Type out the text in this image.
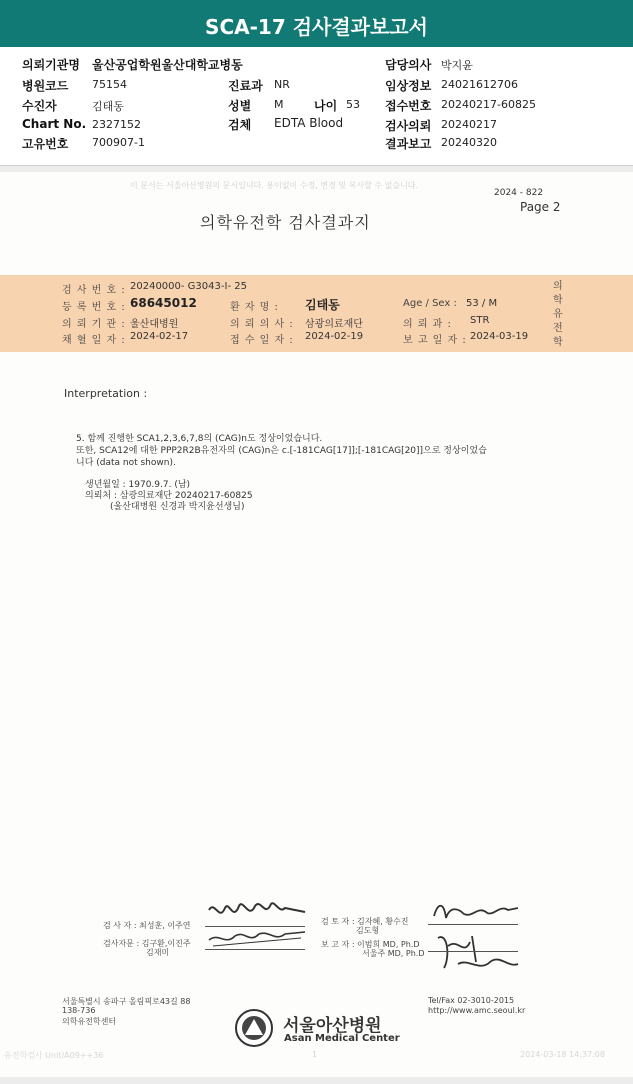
SCA-17 검사결과보고서
의뢰기관명 울산공업학원울산대학교병동	담당의사 박지윤
병원코드 75154	진료과 NR	임상정보 24021612706
수진자	김태동	성별 M	나이 53 접수번호 20240217-60825
Chart No. 2327152	검체 EDTA Blood	검사의뢰 20240217
고유번호 700907-1	결과보고 20240320
이 문서는 서울아산병원의 문서입니다. 용이없이 수정, 변경 및 복사할 수 없습니다.
2024 - 822
Page 2
의학유전학 검사결과지
검 사 번 호 : 20240000- G3043-I- 25
등 록 번 호 : 68645012	환 자 명 : 김태동	Age / Sex : 53 / M
의 뢰 기 관 : 울산대병원	의 뢰 의 사 : 삼광의료재단	의 뢰 과 : STR
채 혈 일 자 : 2024-02-17	접 수 일 자 : 2024-02-19	보 고 일 자 : 2024-03-19
의 학 유 전 학
Interpretation :
5. 함께 진행한 SCA1,2,3,6,7,8의 (CAG)n도 정상이었습니다.
또한, SCA12에 대한 PPP2R2B유전자의 (CAG)n은 c.[-181CAG[17]];[-181CAG[20]]으로 정상이었습
니다 (data not shown).
생년월일 : 1970.9.7. (남)
의뢰처 : 삼광의료재단 20240217-60825
(울산대병원 신경과 박지윤선생님)
검 사 자 : 최성훈, 이주연
검사자문 : 김구환,이진주
김재미
검 토 자 : 김자혜, 황수진
김도형
보 고 자 : 이범희 MD, Ph.D
서울주 MD, Ph.D
서울특별시 송파구 올림픽로43길 88
138-736
의학유전학센터	서울아산병원
Asan Medical Center
Tel/Fax 02-3010-2015
http://www.amc.seoul.kr
유전학검사 Unit/A09++36	1	2024-03-18 14:37:08
